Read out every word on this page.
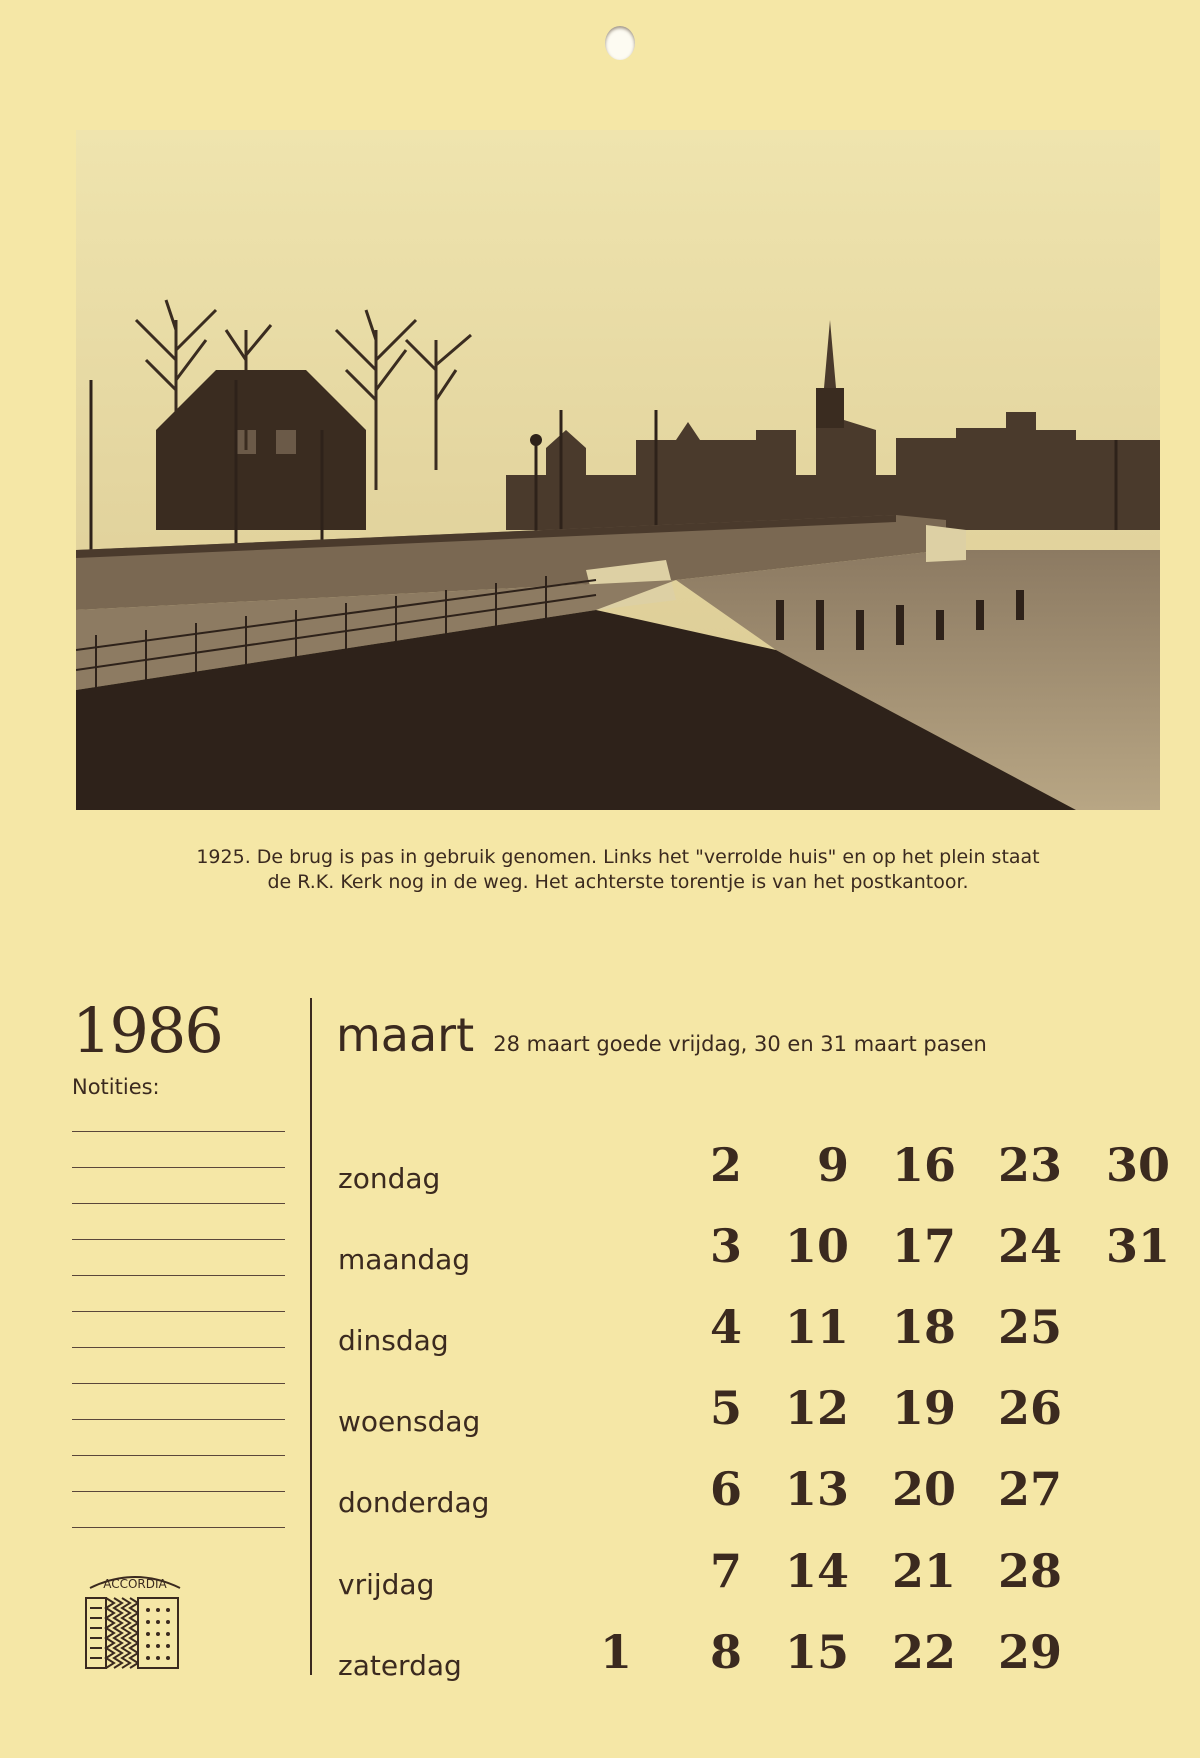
1925. De brug is pas in gebruik genomen. Links het "verrolde huis" en op het plein staat
de R.K. Kerk nog in de weg. Het achterste torentje is van het postkantoor.
1986
Notities:
ACCORDIA
maart 28 maart goede vrijdag, 30 en 31 maart pasen
zondag	2	9 16 23 30
maandag	3 10 17 24 31
dinsdag	4 11 18 25
woensdag	5 12 19 26
donderdag	6 13 20 27
vrijdag	7 14 21 28
zaterdag	1	8 15 22 29
